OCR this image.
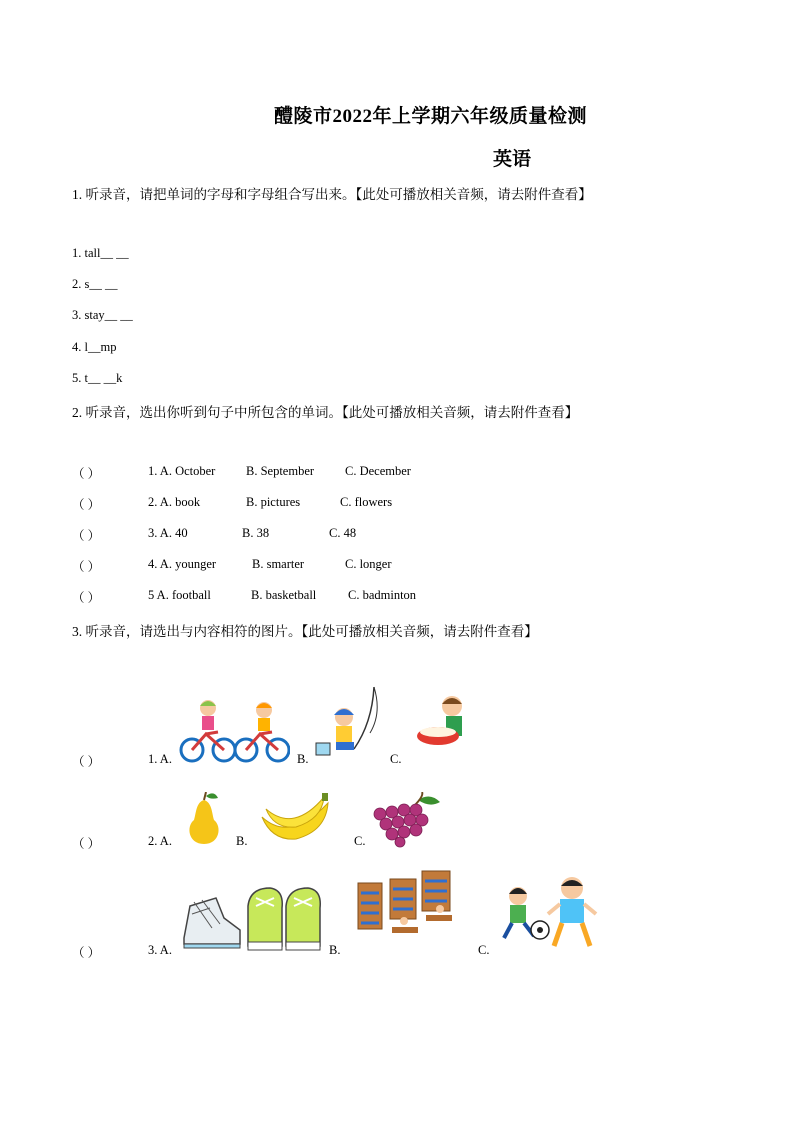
醴陵市2022年上学期六年级质量检测
英语
1. 听录音，请把单词的字母和字母组合写出来。【此处可播放相关音频，请去附件查看】
1. tall__ __
2. s__ __
3. stay__ __
4. l__mp
5. t__ __k
2. 听录音，选出你听到句子中所包含的单词。【此处可播放相关音频，请去附件查看】
（ ）	1. A. October B. September C. December
（ ）	2. A. book	B. pictures	C. flowers
（ ）	3. A. 40	B. 38	C. 48
（ ）	4. A. younger	B. smarter	C. longer
（ ）	5 A. football	B. basketball	C. badminton
3. 听录音，请选出与内容相符的图片。【此处可播放相关音频，请去附件查看】
（ ）	1. A.	B.	C.
（ ）	2. A.	B.	C.
（ ）	3. A.	B.	C.
